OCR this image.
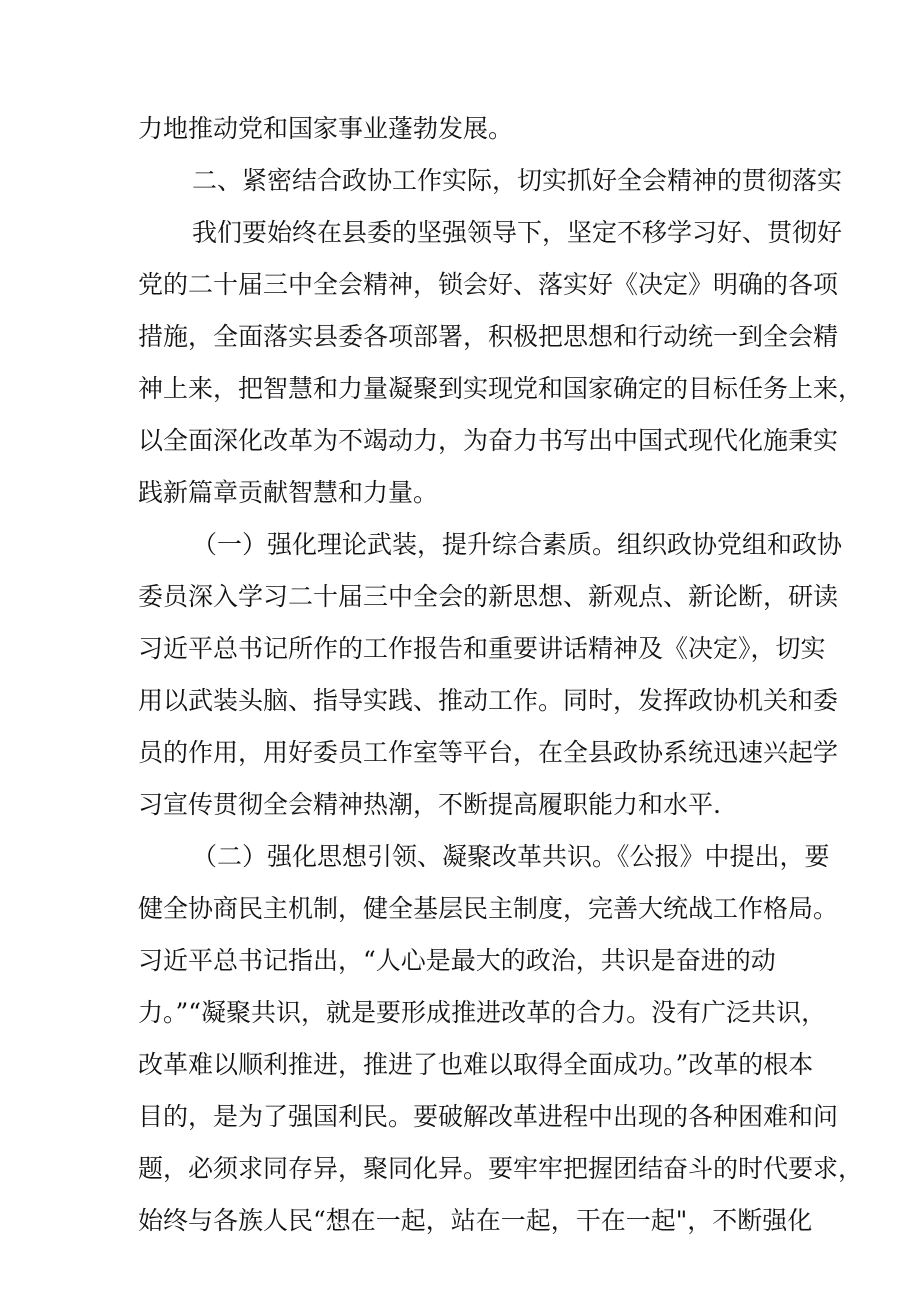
力地推动党和国家事业蓬勃发展。
二、紧密结合政协工作实际，切实抓好全会精神的贯彻落实
我们要始终在县委的坚强领导下，坚定不移学习好、贯彻好
党的二十届三中全会精神，锁会好、落实好《决定》明确的各项
措施，全面落实县委各项部署，积极把思想和行动统一到全会精
神上来，把智慧和力量凝聚到实现党和国家确定的目标任务上来，
以全面深化改革为不竭动力，为奋力书写出中国式现代化施秉实
践新篇章贡献智慧和力量。
（一）强化理论武装，提升综合素质。组织政协党组和政协
委员深入学习二十届三中全会的新思想、新观点、新论断，研读
习近平总书记所作的工作报告和重要讲话精神及《决定》，切实
用以武装头脑、指导实践、推动工作。同时，发挥政协机关和委
员的作用，用好委员工作室等平台，在全县政协系统迅速兴起学
习宣传贯彻全会精神热潮，不断提高履职能力和水平.
（二）强化思想引领、凝聚改革共识。《公报》中提出，要
健全协商民主机制，健全基层民主制度，完善大统战工作格局。
习近平总书记指出，“人心是最大的政治，共识是奋进的动
力。”“凝聚共识，就是要形成推进改革的合力。没有广泛共识，
改革难以顺利推进，推进了也难以取得全面成功。”改革的根本
目的，是为了强国利民。要破解改革进程中出现的各种困难和问
题，必须求同存异，聚同化异。要牢牢把握团结奋斗的时代要求，
始终与各族人民“想在一起，站在一起，干在一起"，不断强化
